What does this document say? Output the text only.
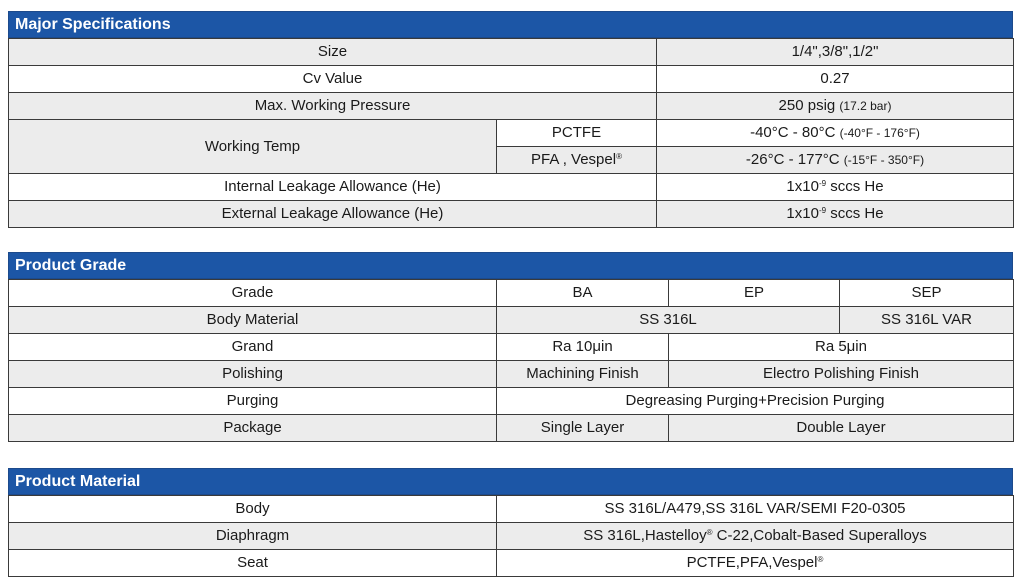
Major Specifications
Size		1/4",3/8",1/2"
Cv Value		0.27
Max. Working Pressure		250 psig (17.2 bar)
Working Temp	PCTFE	-40°C - 80°C (-40°F - 176°F)
	PFA , Vespel®	-26°C - 177°C (-15°F - 350°F)
Internal Leakage Allowance (He)		$1x10^{-9}$ sccs He
External Leakage Allowance (He)		$1x10^{-9}$ sccs He
Product Grade
Grade	BA	EP	SEP
Body Material	SS 316L		SS 316L VAR
Grand	Ra 10μin	Ra 5μin	
Polishing	Machining Finish	Electro Polishing Finish	
Purging	Degreasing Purging+Precision Purging		
Package	Single Layer	Double Layer	
Product Material
Body	SS 316L/A479,SS 316L VAR/SEMI F20-0305
Diaphragm	SS 316L,Hastelloy® C-22,Cobalt-Based Superalloys
Seat	PCTFE,PFA,Vespel®
